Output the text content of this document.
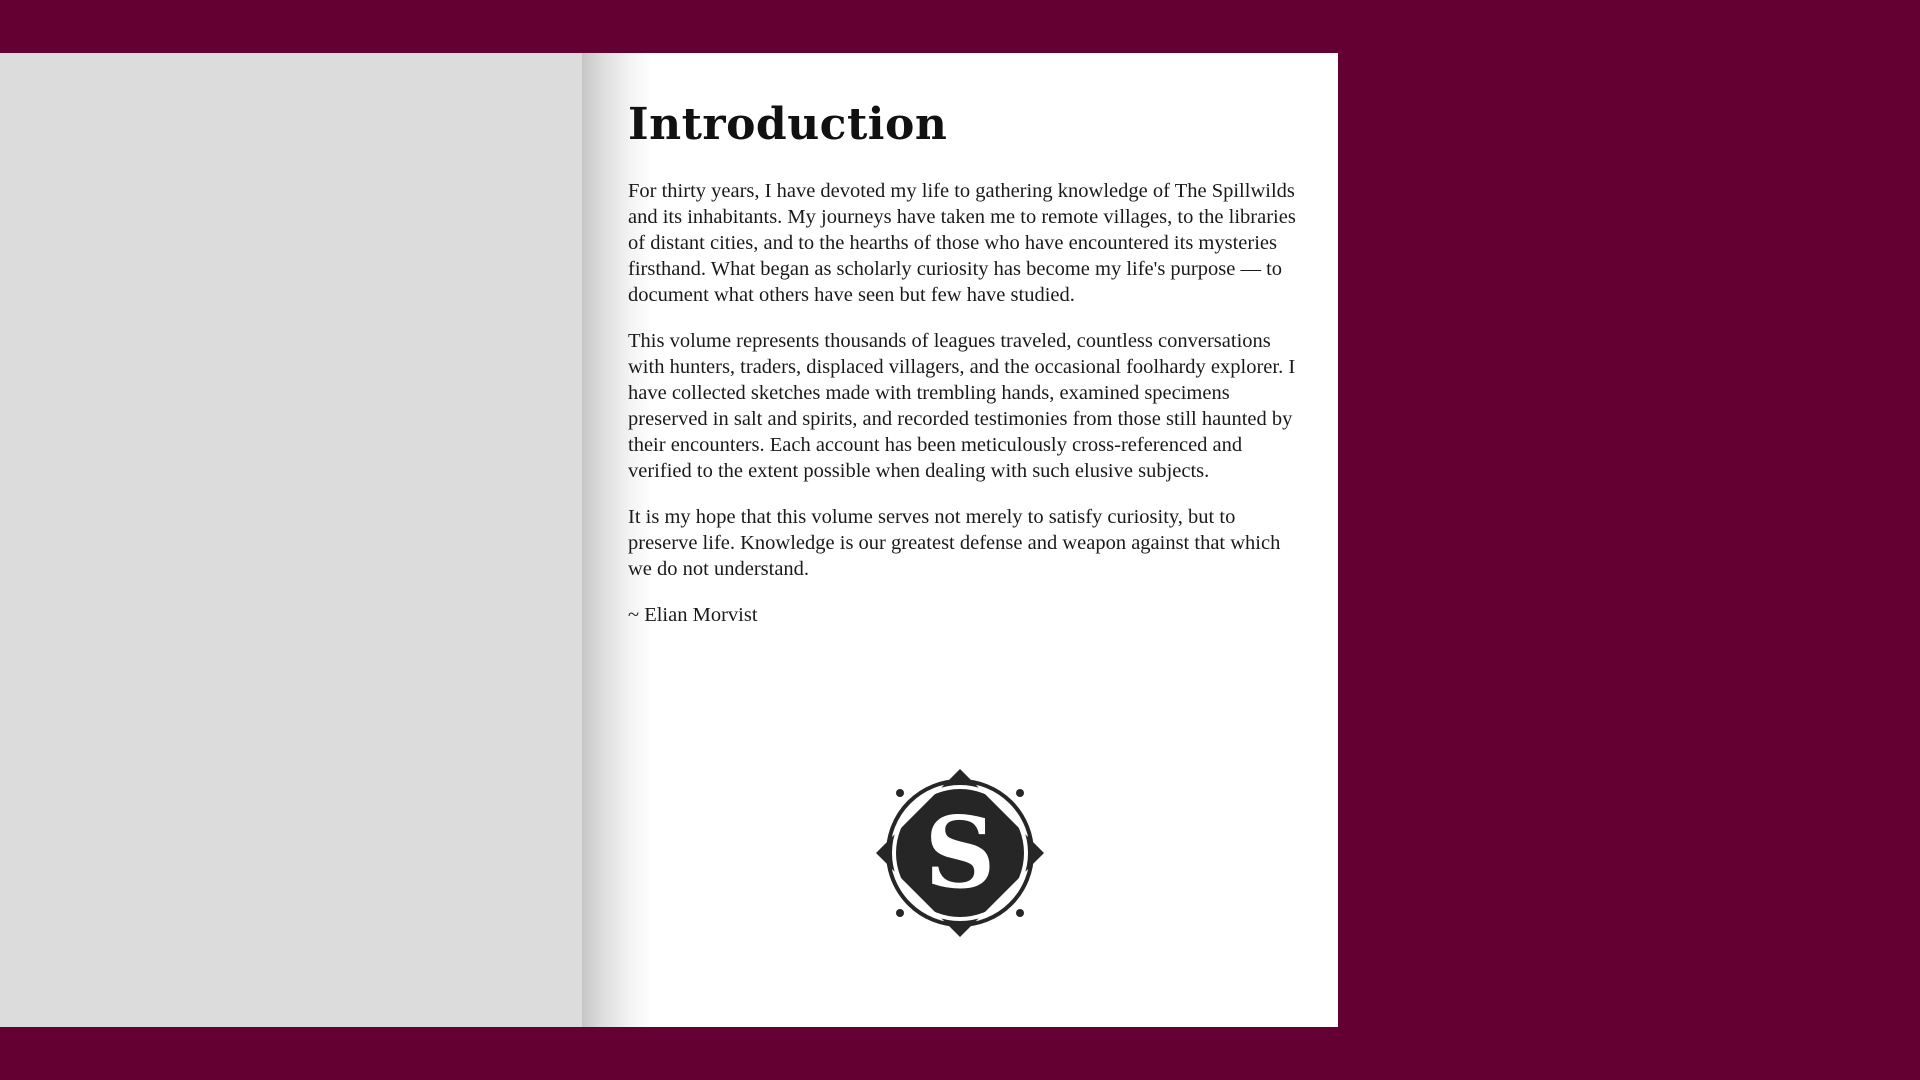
Introduction

For thirty years, I have devoted my life to gathering knowledge of The Spillwilds and its inhabitants. My journeys have taken me to remote villages, to the libraries of distant cities, and to the hearths of those who have encountered its mysteries firsthand. What began as scholarly curiosity has become my life's purpose — to document what others have seen but few have studied.

This volume represents thousands of leagues traveled, countless conversations with hunters, traders, displaced villagers, and the occasional foolhardy explorer. I have collected sketches made with trembling hands, examined specimens preserved in salt and spirits, and recorded testimonies from those still haunted by their encounters. Each account has been meticulously cross-referenced and verified to the extent possible when dealing with such elusive subjects.

It is my hope that this volume serves not merely to satisfy curiosity, but to preserve life. Knowledge is our greatest defense and weapon against that which we do not understand.

~ Elian Morvist

S
